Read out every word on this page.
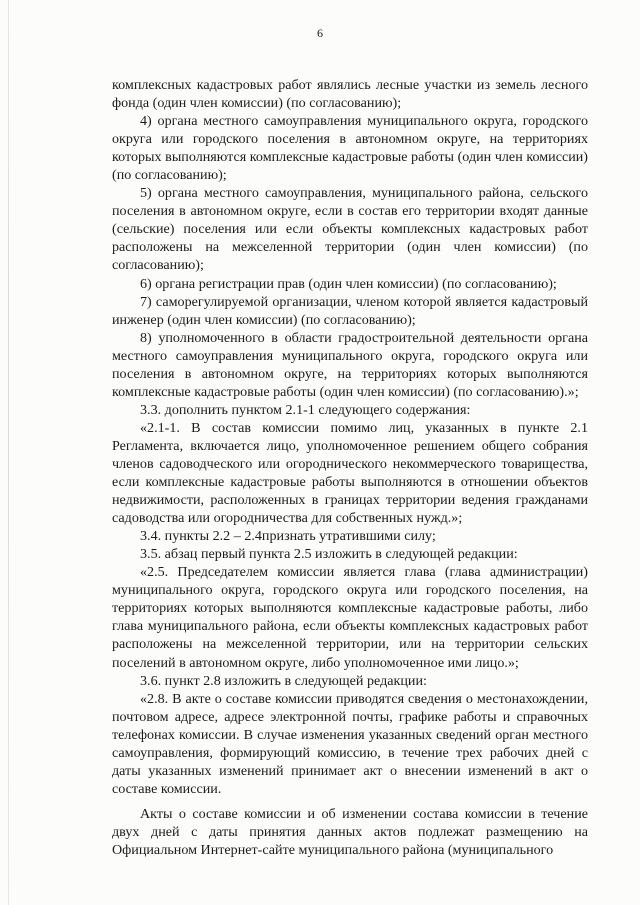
6

комплексных кадастровых работ являлись лесные участки из земель лесного фонда (один член комиссии) (по согласованию);

4) органа местного самоуправления муниципального округа, городского округа или городского поселения в автономном округе, на территориях которых выполняются комплексные кадастровые работы (один член комиссии) (по согласованию);

5) органа местного самоуправления, муниципального района, сельского поселения в автономном округе, если в состав его территории входят данные (сельские) поселения или если объекты комплексных кадастровых работ расположены на межселенной территории (один член комиссии) (по согласованию);

6) органа регистрации прав (один член комиссии) (по согласованию);

7) саморегулируемой организации, членом которой является кадастровый инженер (один член комиссии) (по согласованию);

8) уполномоченного в области градостроительной деятельности органа местного самоуправления муниципального округа, городского округа или поселения в автономном округе, на территориях которых выполняются комплексные кадастровые работы (один член комиссии) (по согласованию).»;

3.3. дополнить пунктом 2.1-1 следующего содержания:

«2.1-1. В состав комиссии помимо лиц, указанных в пункте 2.1 Регламента, включается лицо, уполномоченное решением общего собрания членов садоводческого или огороднического некоммерческого товарищества, если комплексные кадастровые работы выполняются в отношении объектов недвижимости, расположенных в границах территории ведения гражданами садоводства или огородничества для собственных нужд.»;

3.4. пункты 2.2 – 2.4признать утратившими силу;

3.5. абзац первый пункта 2.5 изложить в следующей редакции:

«2.5. Председателем комиссии является глава (глава администрации) муниципального округа, городского округа или городского поселения, на территориях которых выполняются комплексные кадастровые работы, либо глава муниципального района, если объекты комплексных кадастровых работ расположены на межселенной территории, или на территории сельских поселений в автономном округе, либо уполномоченное ими лицо.»;

3.6. пункт 2.8 изложить в следующей редакции:

«2.8. В акте о составе комиссии приводятся сведения о местонахождении, почтовом адресе, адресе электронной почты, графике работы и справочных телефонах комиссии. В случае изменения указанных сведений орган местного самоуправления, формирующий комиссию, в течение трех рабочих дней с даты указанных изменений принимает акт о внесении изменений в акт о составе комиссии.

Акты о составе комиссии и об изменении состава комиссии в течение двух дней с даты принятия данных актов подлежат размещению на Официальном Интернет-сайте муниципального района (муниципального
